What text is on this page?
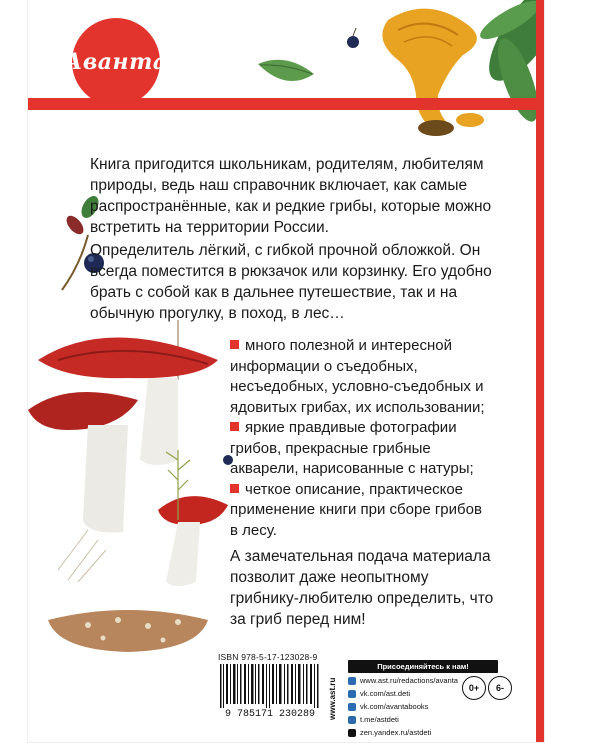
Аванта
Книга пригодится школьникам, родителям, любителям природы, ведь наш справочник включает, как самые распространённые, как и редкие грибы, которые можно встретить на территории России.
Определитель лёгкий, с гибкой прочной обложкой. Он всегда поместится в рюкзачок или корзинку. Его удобно брать с собой как в дальнее путешествие, так и на обычную прогулку, в поход, в лес…
много полезной и интересной информации о съедобных, несъедобных, условно-съедобных и ядовитых грибах, их использовании;
яркие правдивые фотографии грибов, прекрасные грибные акварели, нарисованные с натуры;
четкое описание, практическое применение книги при сборе грибов в лесу.
А замечательная подача материала позволит даже неопытному грибнику-любителю определить, что за гриб перед ним!
ISBN 978-5-17-123028-9
9 785171 230289	www.ast.ru
Присоединяйтесь к нам!
www.ast.ru/redactions/avanta
vk.com/ast.deti
vk.com/avantabooks
t.me/astdeti
zen.yandex.ru/astdeti
0+	6-
